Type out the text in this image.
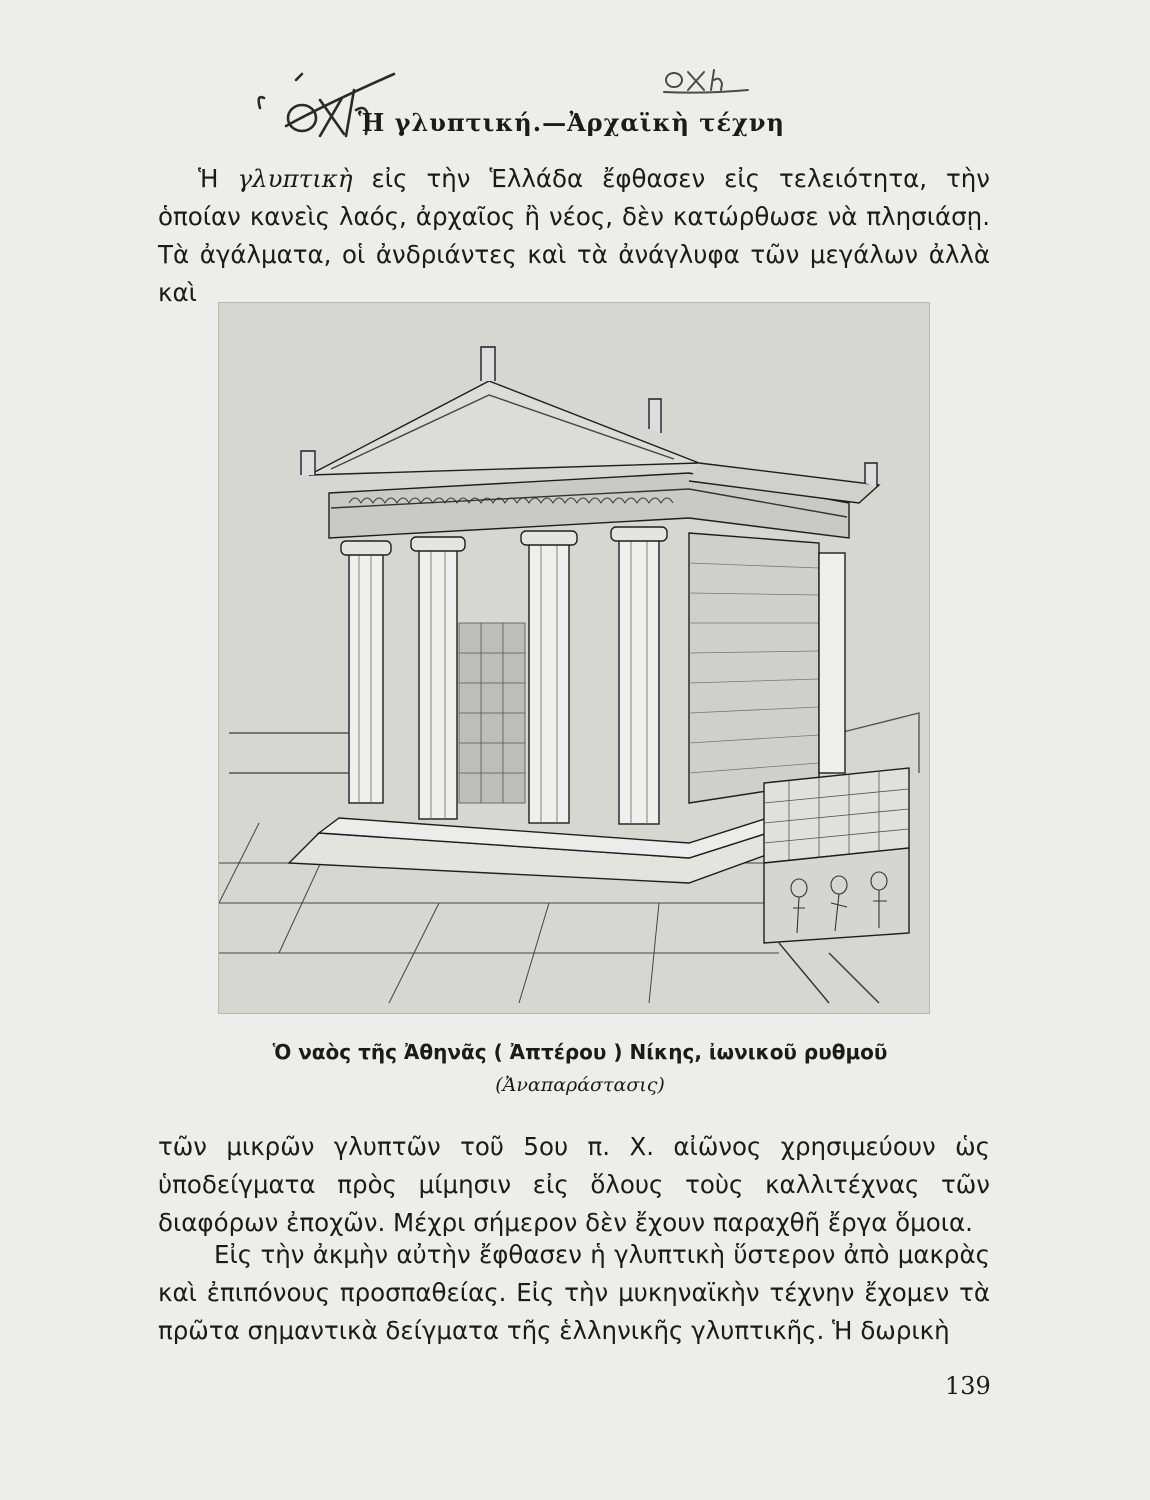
Ἡ γλυπτική.—Ἀρχαϊκὴ τέχνη

Ἡ γλυπτικὴ εἰς τὴν Ἑλλάδα ἔφθασεν εἰς τελειότητα, τὴν ὁποίαν κανεὶς λαός, ἀρχαῖος ἢ νέος, δὲν κατώρθωσε νὰ πλησιάσῃ. Τὰ ἀγάλματα, οἱ ἀνδριάντες καὶ τὰ ἀνάγλυφα τῶν μεγάλων ἀλλὰ καὶ

Ὁ ναὸς τῆς Ἀθηνᾶς ( Ἀπτέρου ) Νίκης, ἰωνικοῦ ρυθμοῦ
(Ἀναπαράστασις)

τῶν μικρῶν γλυπτῶν τοῦ 5ου π. Χ. αἰῶνος χρησιμεύουν ὡς ὑποδείγματα πρὸς μίμησιν εἰς ὅλους τοὺς καλλιτέχνας τῶν διαφόρων ἐποχῶν. Μέχρι σήμερον δὲν ἔχουν παραχθῆ ἔργα ὅμοια.

Εἰς τὴν ἀκμὴν αὐτὴν ἔφθασεν ἡ γλυπτικὴ ὕστερον ἀπὸ μακρὰς καὶ ἐπιπόνους προσπαθείας. Εἰς τὴν μυκηναϊκὴν τέχνην ἔχομεν τὰ πρῶτα σημαντικὰ δείγματα τῆς ἑλληνικῆς γλυπτικῆς. Ἡ δωρικὴ

139
